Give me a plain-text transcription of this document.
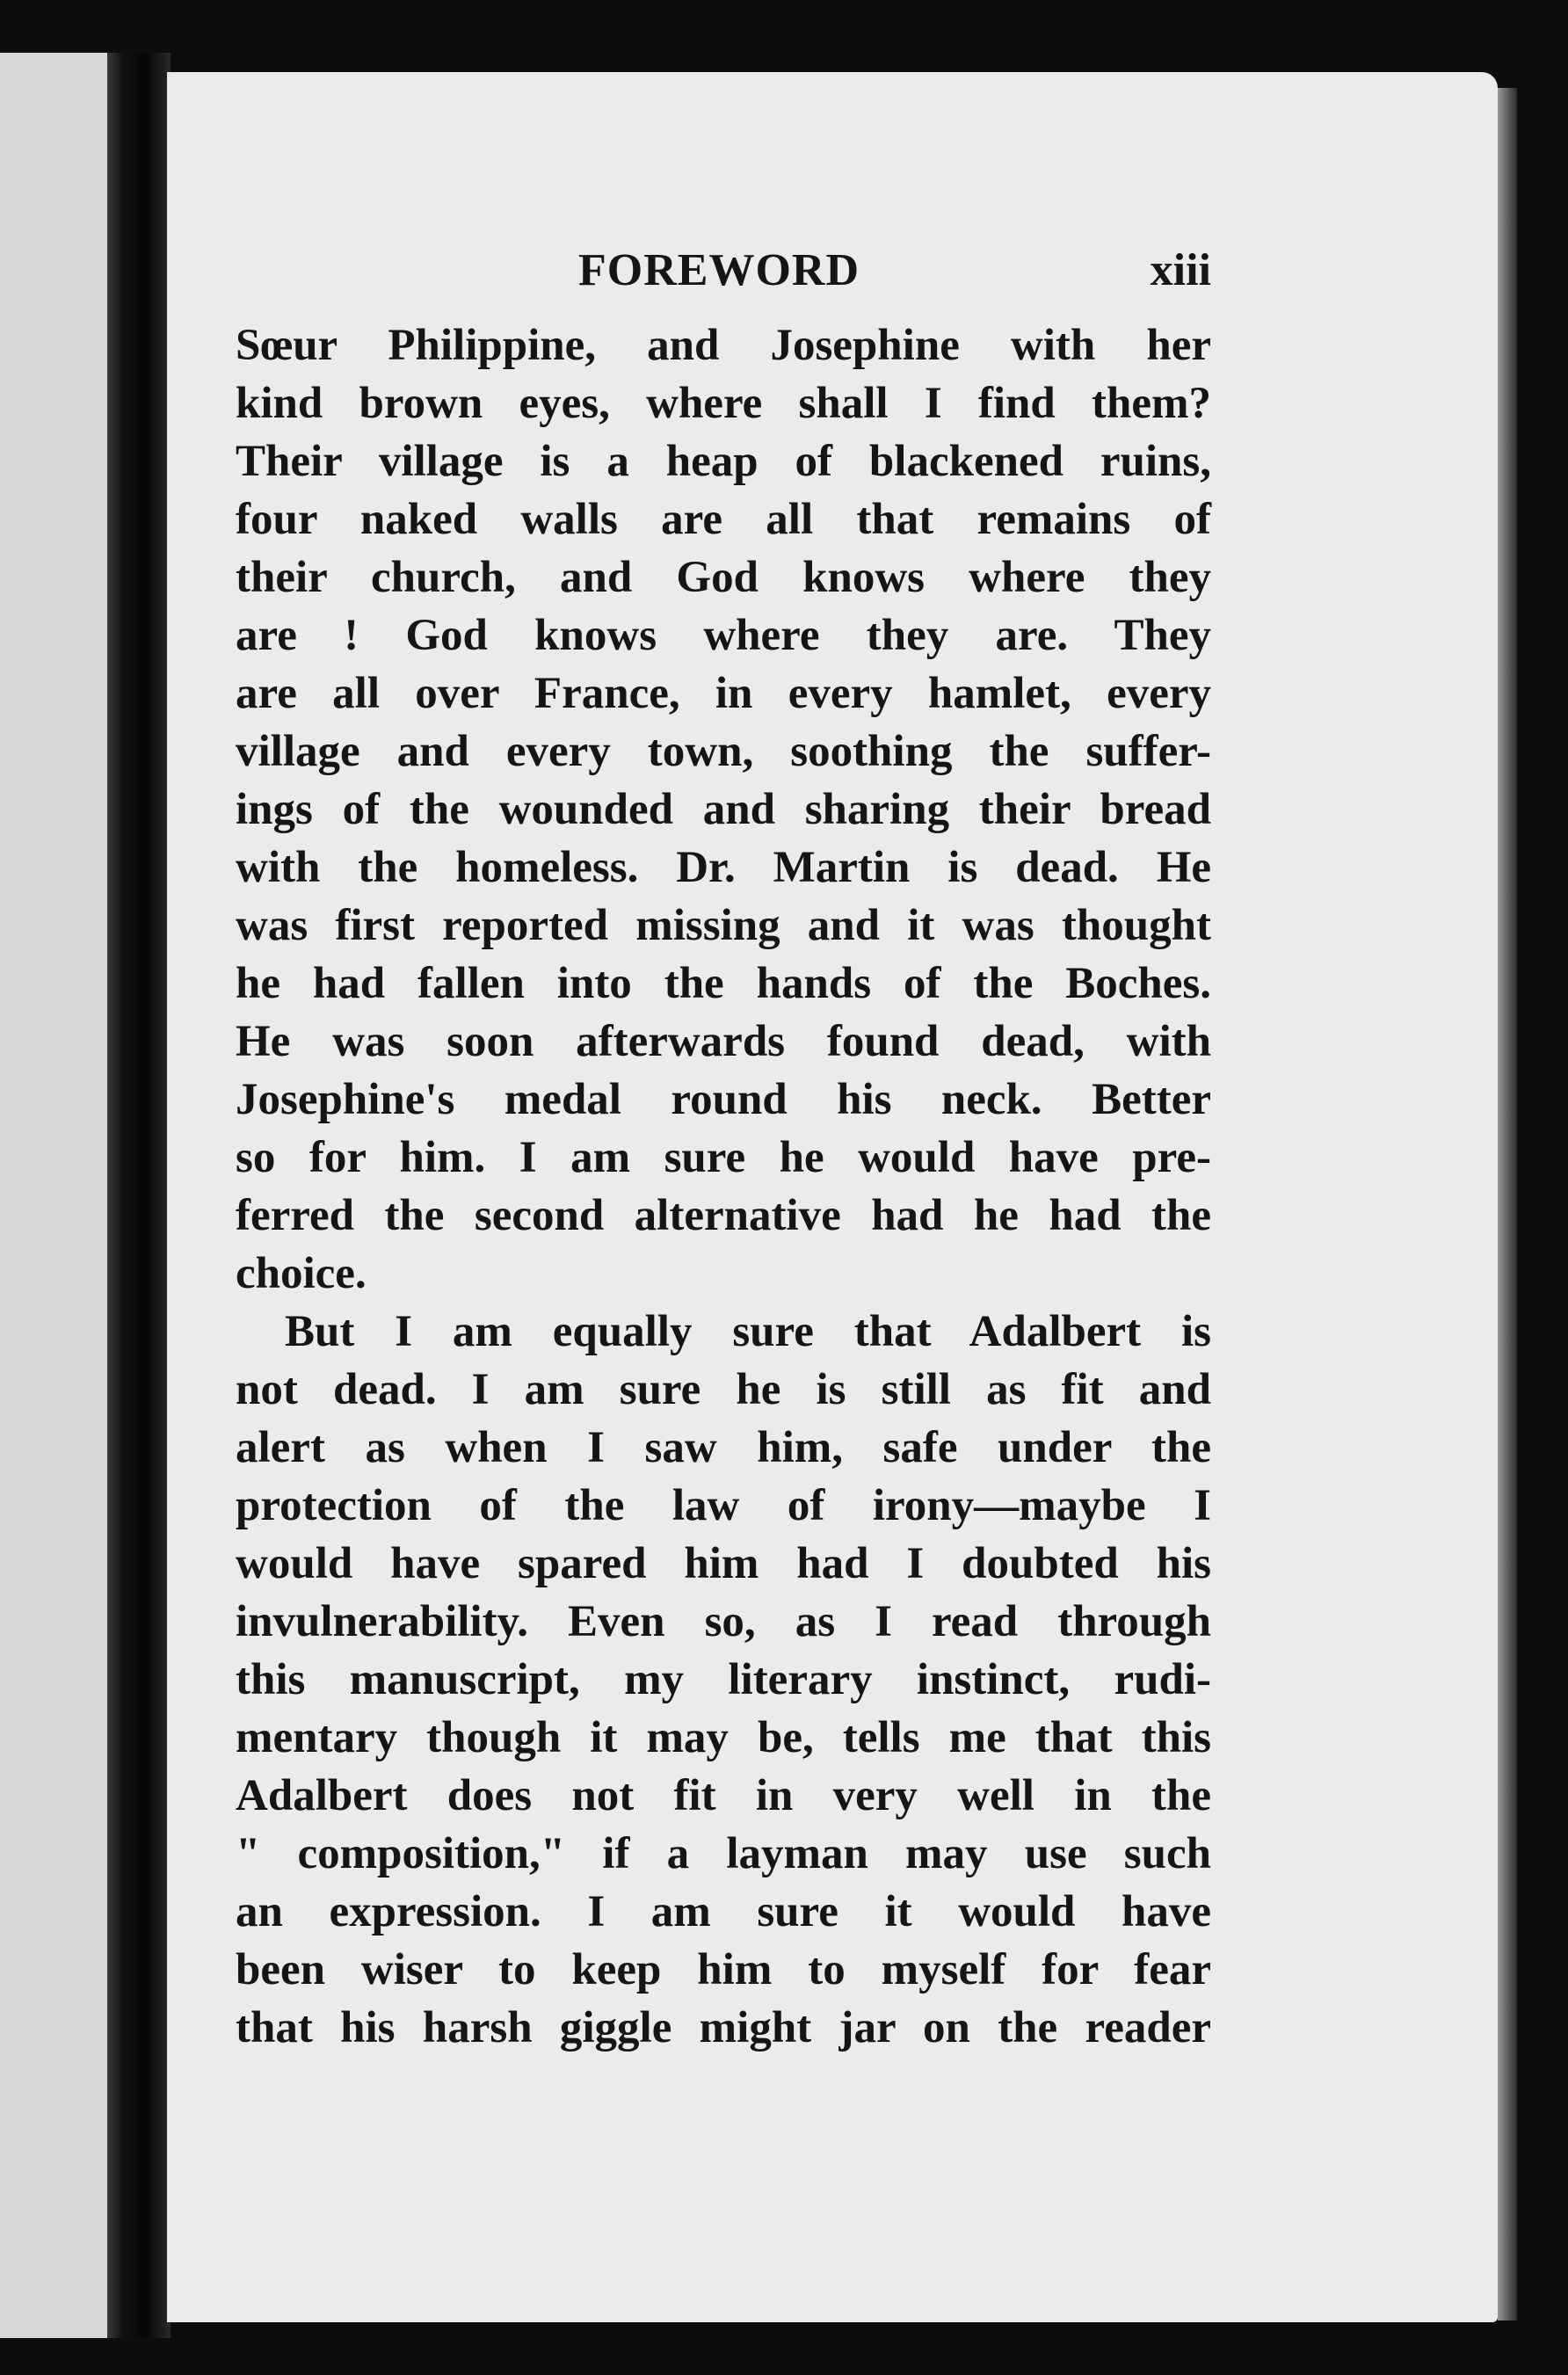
FOREWORD	xiii
Sœur Philippine, and Josephine with her
kind brown eyes, where shall I find them?
Their village is a heap of blackened ruins,
four naked walls are all that remains of
their church, and God knows where they
are ! God knows where they are. They
are all over France, in every hamlet, every
village and every town, soothing the suffer-
ings of the wounded and sharing their bread
with the homeless. Dr. Martin is dead. He
was first reported missing and it was thought
he had fallen into the hands of the Boches.
He was soon afterwards found dead, with
Josephine's medal round his neck. Better
so for him. I am sure he would have pre-
ferred the second alternative had he had the
choice.
But I am equally sure that Adalbert is
not dead. I am sure he is still as fit and
alert as when I saw him, safe under the
protection of the law of irony—maybe I
would have spared him had I doubted his
invulnerability. Even so, as I read through
this manuscript, my literary instinct, rudi-
mentary though it may be, tells me that this
Adalbert does not fit in very well in the
" composition," if a layman may use such
an expression. I am sure it would have
been wiser to keep him to myself for fear
that his harsh giggle might jar on the reader
